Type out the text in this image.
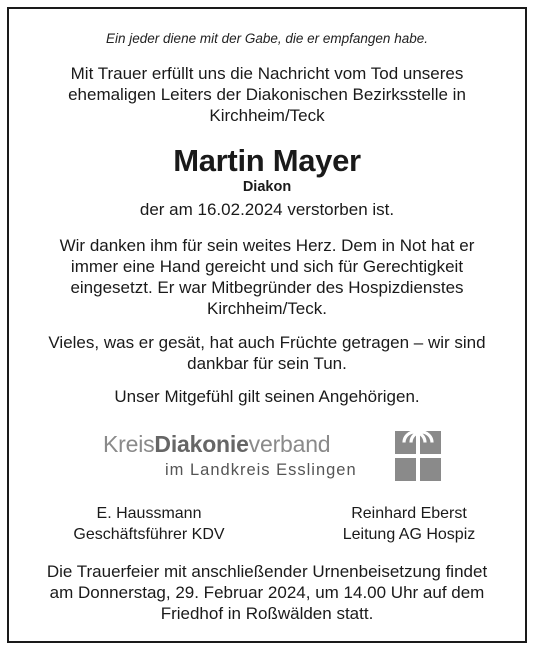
Ein jeder diene mit der Gabe, die er empfangen habe.
Mit Trauer erfüllt uns die Nachricht vom Tod unseres
ehemaligen Leiters der Diakonischen Bezirksstelle in
Kirchheim/Teck
Martin Mayer
Diakon
der am 16.02.2024 verstorben ist.
Wir danken ihm für sein weites Herz. Dem in Not hat er
immer eine Hand gereicht und sich für Gerechtigkeit
eingesetzt. Er war Mitbegründer des Hospizdienstes
Kirchheim/Teck.
Vieles, was er gesät, hat auch Früchte getragen – wir sind
dankbar für sein Tun.
Unser Mitgefühl gilt seinen Angehörigen.
KreisDiakonieverband
im Landkreis Esslingen
E. Haussmann
Geschäftsführer KDV
Reinhard Eberst
Leitung AG Hospiz
Die Trauerfeier mit anschließender Urnenbeisetzung findet
am Donnerstag, 29. Februar 2024, um 14.00 Uhr auf dem
Friedhof in Roßwälden statt.
